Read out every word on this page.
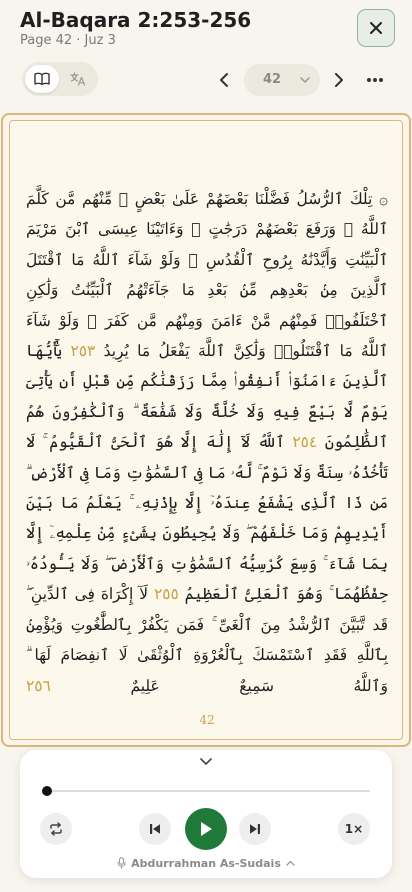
Al-Baqara 2:253-256
Page 42 · Juz 3
42
۞ تِلْكَ ٱلرُّسُلُ فَضَّلْنَا بَعْضَهُمْ عَلَىٰ بَعْضٍ ۘ مِّنْهُم مَّن كَلَّمَ ٱللَّهُ ۖ وَرَفَعَ بَعْضَهُمْ دَرَجَٰتٍ ۚ وَءَاتَيْنَا عِيسَى ٱبْنَ مَرْيَمَ ٱلْبَيِّنَٰتِ وَأَيَّدْنَٰهُ بِرُوحِ ٱلْقُدُسِ ۗ وَلَوْ شَآءَ ٱللَّهُ مَا ٱقْتَتَلَ ٱلَّذِينَ مِنۢ بَعْدِهِم مِّنۢ بَعْدِ مَا جَآءَتْهُمُ ٱلْبَيِّنَٰتُ وَلَٰكِنِ ٱخْتَلَفُوا۟ فَمِنْهُم مَّنْ ءَامَنَ وَمِنْهُم مَّن كَفَرَ ۚ وَلَوْ شَآءَ ٱللَّهُ مَا ٱقْتَتَلُوا۟ وَلَٰكِنَّ ٱللَّهَ يَفْعَلُ مَا يُرِيدُ ٢٥٣ يَٰٓأَيُّهَا ٱلَّذِينَ ءَامَنُوٓا۟ أَنفِقُوا۟ مِمَّا رَزَقْنَٰكُم مِّن قَبْلِ أَن يَأْتِىَ يَوْمٌ لَّا بَيْعٌ فِيهِ وَلَا خُلَّةٌ وَلَا شَفَٰعَةٌ ۗ وَٱلْكَٰفِرُونَ هُمُ ٱلظَّٰلِمُونَ ٢٥٤ ٱللَّهُ لَآ إِلَٰهَ إِلَّا هُوَ ٱلْحَىُّ ٱلْقَيُّومُ ۚ لَا تَأْخُذُهُۥ سِنَةٌ وَلَا نَوْمٌ ۚ لَّهُۥ مَا فِى ٱلسَّمَٰوَٰتِ وَمَا فِى ٱلْأَرْضِ ۗ مَن ذَا ٱلَّذِى يَشْفَعُ عِندَهُۥٓ إِلَّا بِإِذْنِهِۦ ۚ يَعْلَمُ مَا بَيْنَ أَيْدِيهِمْ وَمَا خَلْفَهُمْ ۖ وَلَا يُحِيطُونَ بِشَىْءٍ مِّنْ عِلْمِهِۦٓ إِلَّا بِمَا شَآءَ ۚ وَسِعَ كُرْسِيُّهُ ٱلسَّمَٰوَٰتِ وَٱلْأَرْضَ ۖ وَلَا يَـُٔودُهُۥ حِفْظُهُمَا ۚ وَهُوَ ٱلْعَلِىُّ ٱلْعَظِيمُ ٢٥٥ لَآ إِكْرَاهَ فِى ٱلدِّينِ ۖ قَد تَّبَيَّنَ ٱلرُّشْدُ مِنَ ٱلْغَىِّ ۚ فَمَن يَكْفُرْ بِٱلطَّٰغُوتِ وَيُؤْمِنۢ بِٱللَّهِ فَقَدِ ٱسْتَمْسَكَ بِٱلْعُرْوَةِ ٱلْوُثْقَىٰ لَا ٱنفِصَامَ لَهَا ۗ وَٱللَّهُ سَمِيعٌ عَلِيمٌ ٢٥٦
42
1×
Abdurrahman As-Sudais
